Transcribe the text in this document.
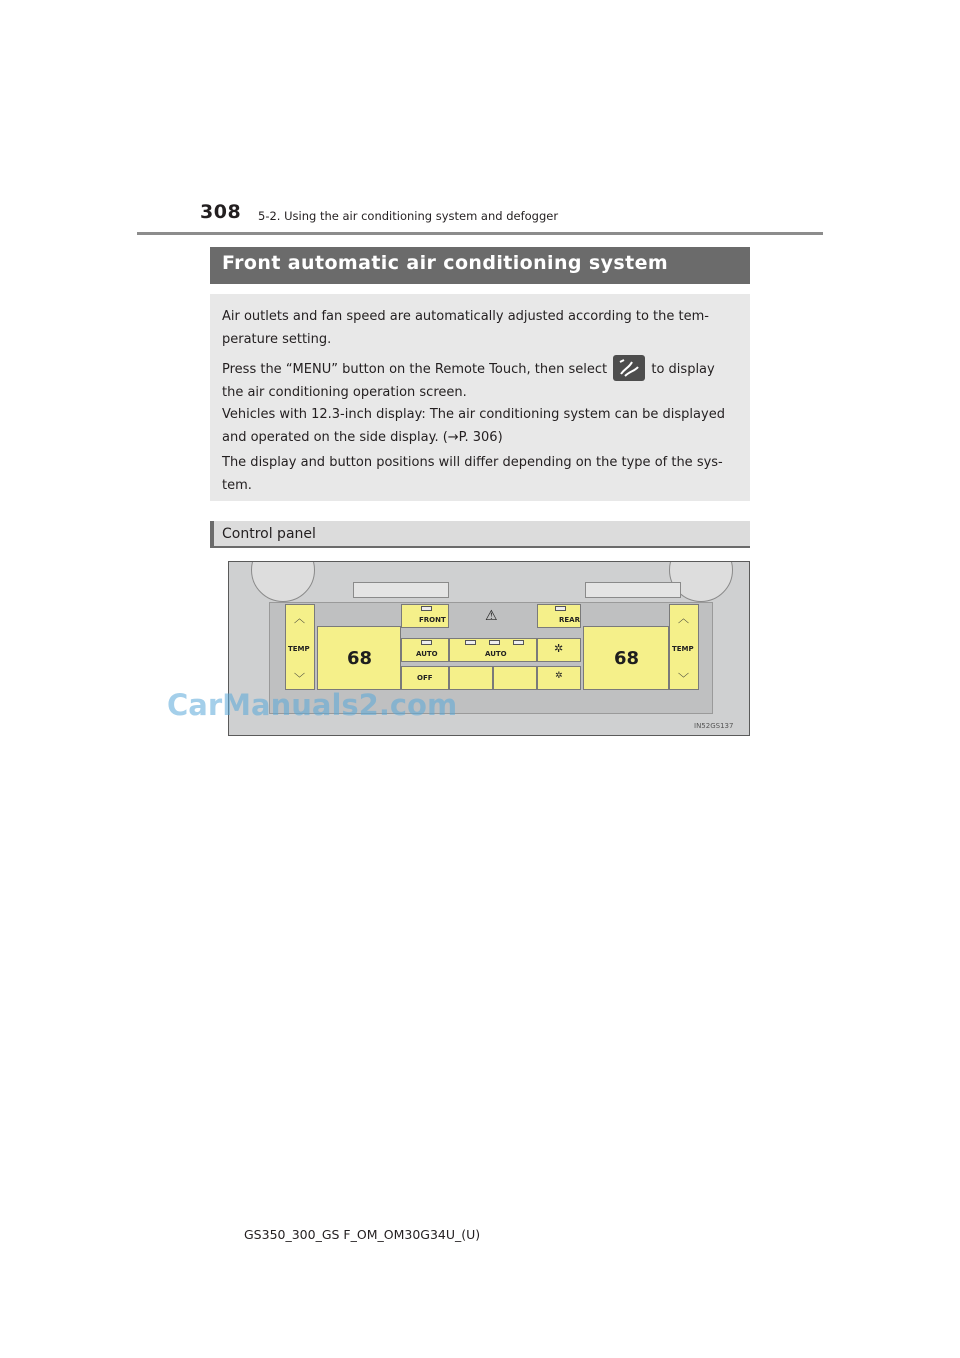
308 5-2. Using the air conditioning system and defogger
Front automatic air conditioning system
Air outlets and fan speed are automatically adjusted according to the tem-perature setting.
Press the “MENU” button on the Remote Touch, then select	to display the air conditioning operation screen.
Vehicles with 12.3-inch display: The air conditioning system can be displayed and operated on the side display. (→P. 306)
The display and button positions will differ depending on the type of the sys-tem.
Control panel
︿
TEMP
﹀
68
FRONT	⚠	REAR
AUTO	AUTO	✲
OFF	✲
68
︿
TEMP
﹀
IN52GS137
CarManuals2.com
GS350_300_GS F_OM_OM30G34U_(U)
